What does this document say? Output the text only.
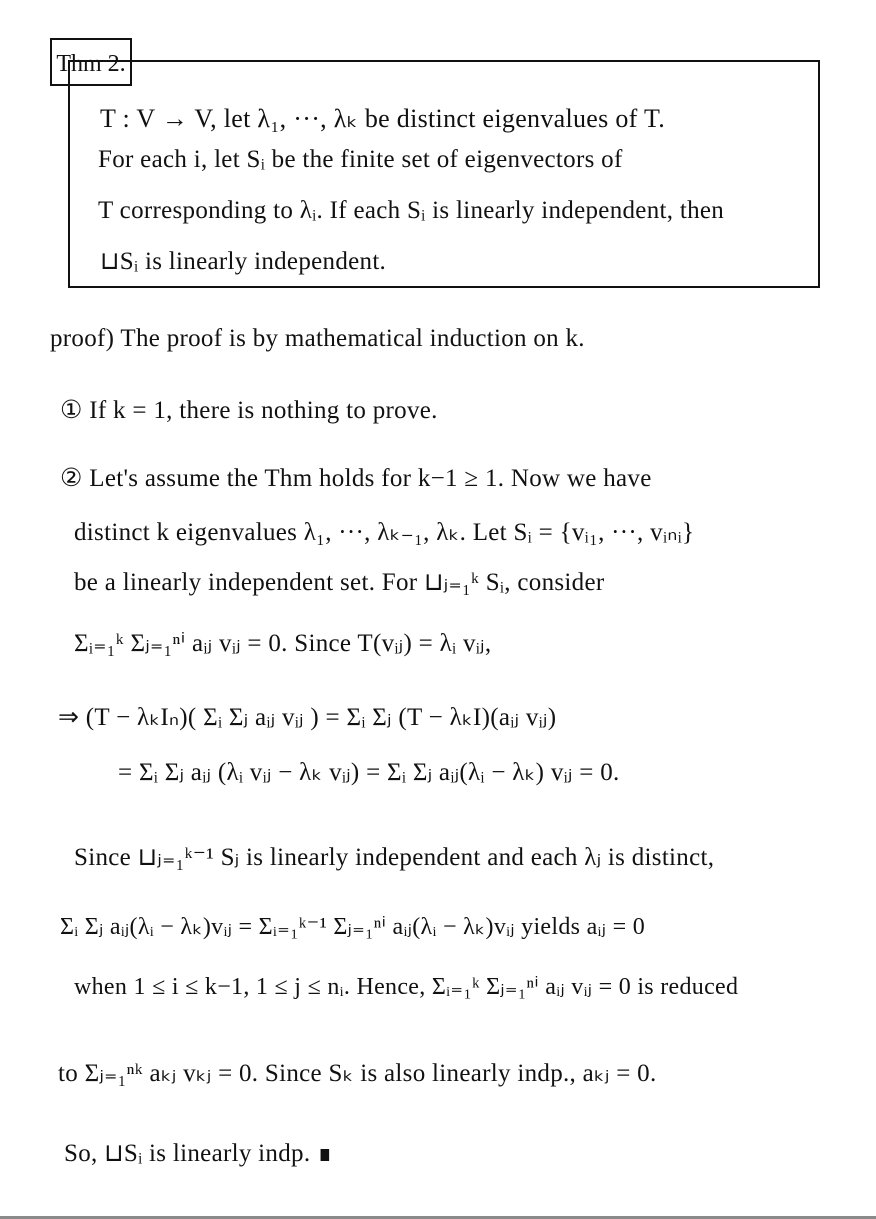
Thm 2.
T : V → V, let λ₁, ···, λₖ be distinct eigenvalues of T.
For each i, let Sᵢ be the finite set of eigenvectors of
T corresponding to λᵢ. If each Sᵢ is linearly independent, then
⊔Sᵢ is linearly independent.
proof) The proof is by mathematical induction on k.
① If k = 1, there is nothing to prove.
② Let's assume the Thm holds for k−1 ≥ 1. Now we have
distinct k eigenvalues λ₁, ···, λₖ₋₁, λₖ. Let Sᵢ = {vᵢ₁, ···, vᵢₙᵢ}
be a linearly independent set. For ⊔ⱼ₌₁ᵏ Sᵢ, consider
Σᵢ₌₁ᵏ Σⱼ₌₁ⁿⁱ aᵢⱼ vᵢⱼ = 0. Since T(vᵢⱼ) = λᵢ vᵢⱼ,
⇒ (T − λₖIₙ)( Σᵢ Σⱼ aᵢⱼ vᵢⱼ ) = Σᵢ Σⱼ (T − λₖI)(aᵢⱼ vᵢⱼ)
= Σᵢ Σⱼ aᵢⱼ (λᵢ vᵢⱼ − λₖ vᵢⱼ) = Σᵢ Σⱼ aᵢⱼ(λᵢ − λₖ) vᵢⱼ = 0.
Since ⊔ⱼ₌₁ᵏ⁻¹ Sⱼ is linearly independent and each λⱼ is distinct,
Σᵢ Σⱼ aᵢⱼ(λᵢ − λₖ)vᵢⱼ = Σᵢ₌₁ᵏ⁻¹ Σⱼ₌₁ⁿⁱ aᵢⱼ(λᵢ − λₖ)vᵢⱼ yields aᵢⱼ = 0
when 1 ≤ i ≤ k−1, 1 ≤ j ≤ nᵢ. Hence, Σᵢ₌₁ᵏ Σⱼ₌₁ⁿⁱ aᵢⱼ vᵢⱼ = 0 is reduced
to Σⱼ₌₁ⁿᵏ aₖⱼ vₖⱼ = 0. Since Sₖ is also linearly indp., aₖⱼ = 0.
So, ⊔Sᵢ is linearly indp. ∎
